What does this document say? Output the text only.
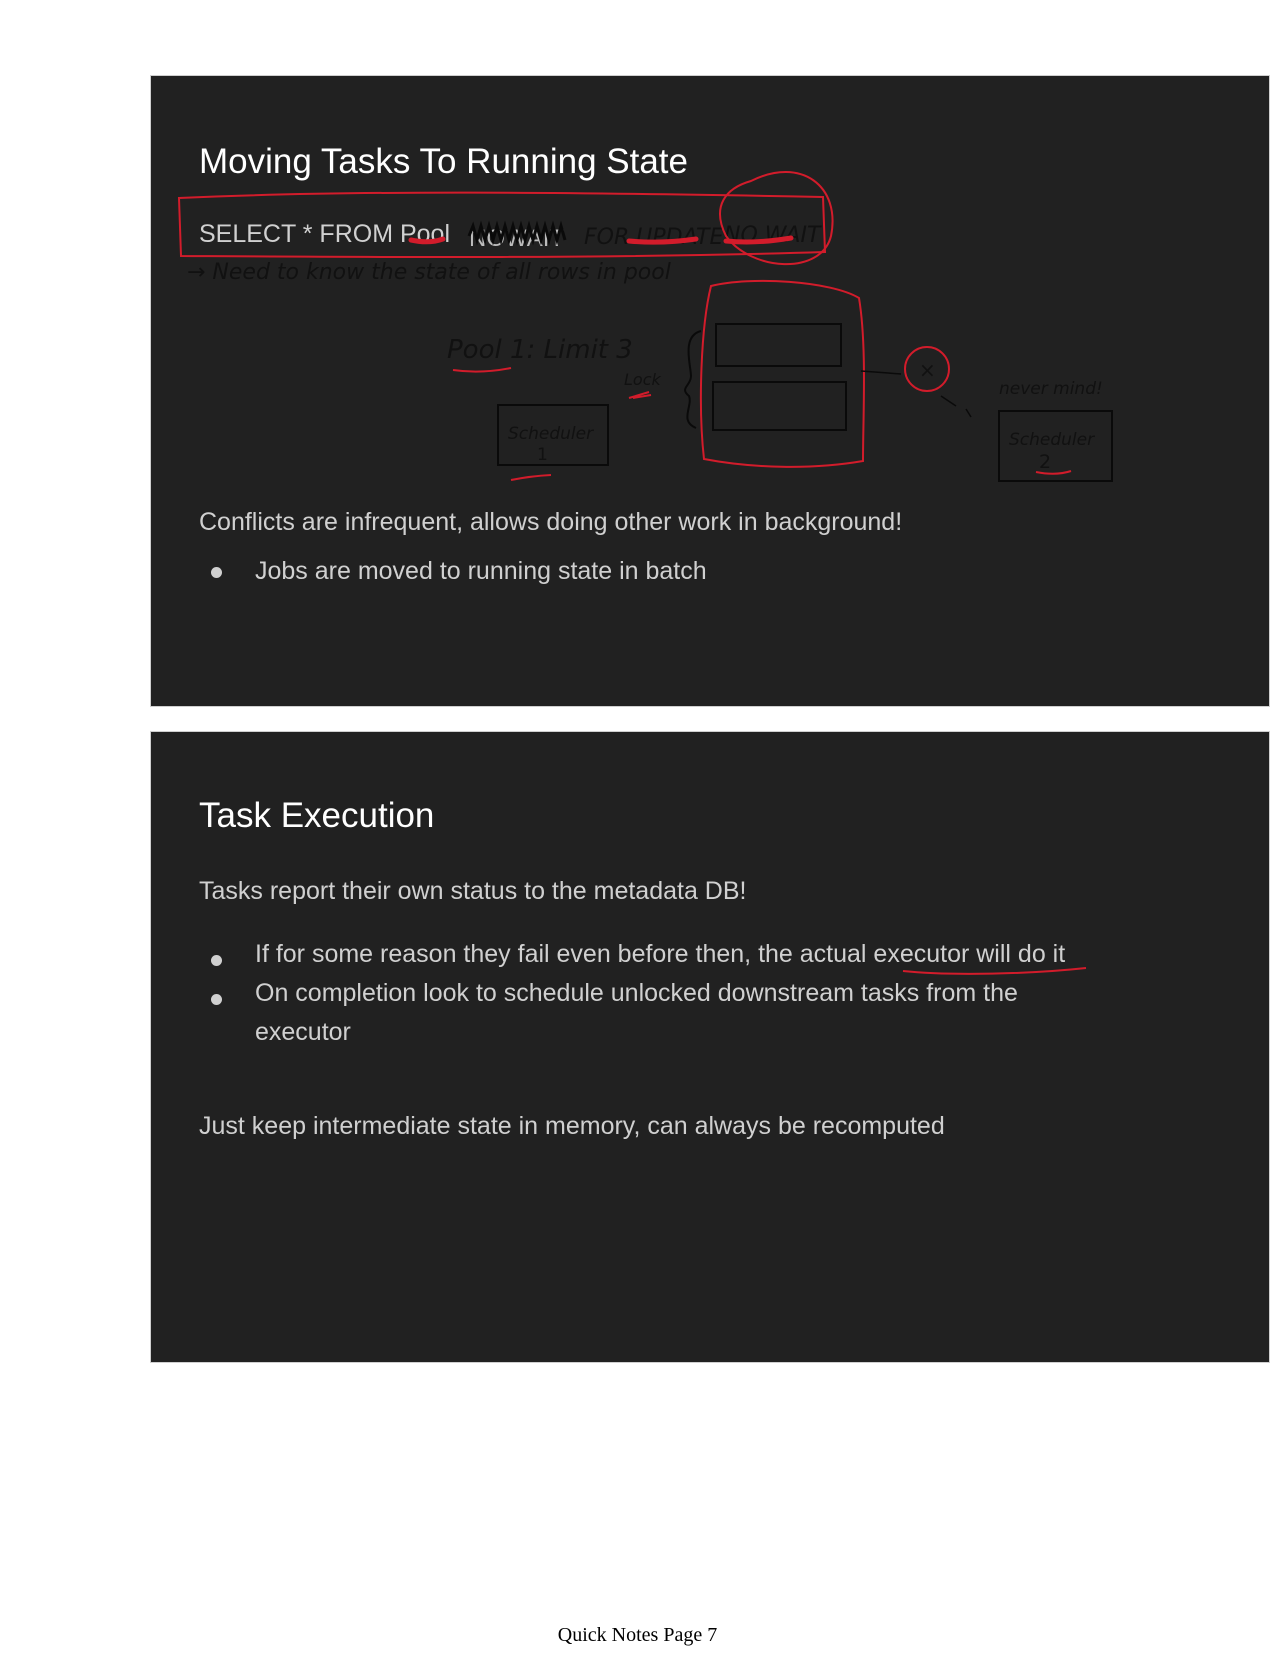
Moving Tasks To Running State
SELECT * FROM Pool NOWAIT FOR UPDATE NO WAIT
→ Need to know the state of all rows in pool
Pool 1: Limit 3
Lock
Scheduler
1
×
never mind!
Scheduler
2
Conflicts are infrequent, allows doing other work in background!
Jobs are moved to running state in batch
Task Execution
Tasks report their own status to the metadata DB!
If for some reason they fail even before then, the actual executor will do it
On completion look to schedule unlocked downstream tasks from the executor
Just keep intermediate state in memory, can always be recomputed
Quick Notes Page 7
